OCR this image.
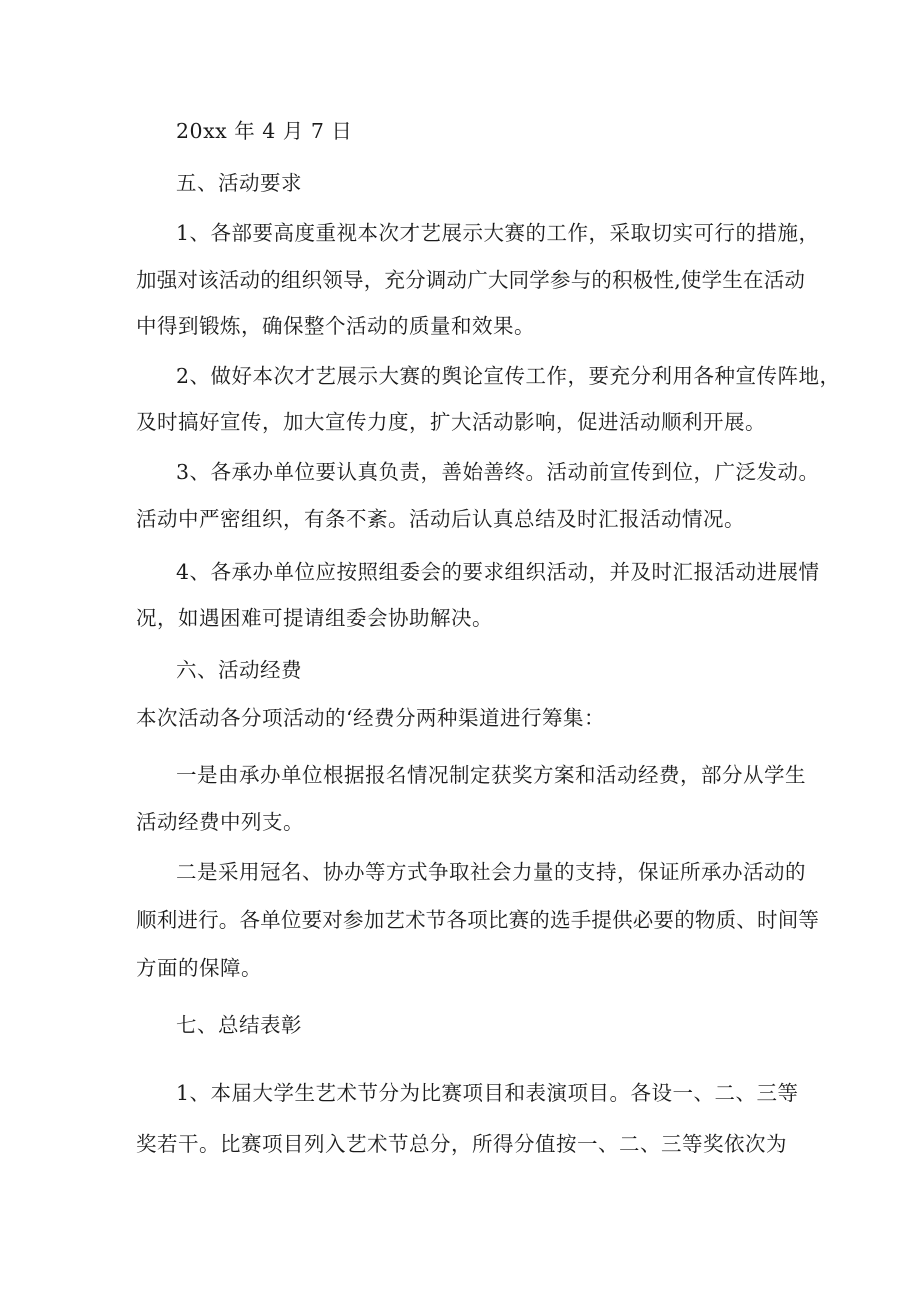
20xx 年 4 月 7 日
五、活动要求
1、各部要高度重视本次才艺展示大赛的工作，采取切实可行的措施，
加强对该活动的组织领导，充分调动广大同学参与的积极性,使学生在活动
中得到锻炼，确保整个活动的质量和效果。
2、做好本次才艺展示大赛的舆论宣传工作，要充分利用各种宣传阵地，
及时搞好宣传，加大宣传力度，扩大活动影响，促进活动顺利开展。
3、各承办单位要认真负责，善始善终。活动前宣传到位，广泛发动。
活动中严密组织，有条不紊。活动后认真总结及时汇报活动情况。
4、各承办单位应按照组委会的要求组织活动，并及时汇报活动进展情
况，如遇困难可提请组委会协助解决。
六、活动经费
本次活动各分项活动的‘经费分两种渠道进行筹集：
一是由承办单位根据报名情况制定获奖方案和活动经费，部分从学生
活动经费中列支。
二是采用冠名、协办等方式争取社会力量的支持，保证所承办活动的
顺利进行。各单位要对参加艺术节各项比赛的选手提供必要的物质、时间等
方面的保障。
七、总结表彰
1、本届大学生艺术节分为比赛项目和表演项目。各设一、二、三等
奖若干。比赛项目列入艺术节总分，所得分值按一、二、三等奖依次为
